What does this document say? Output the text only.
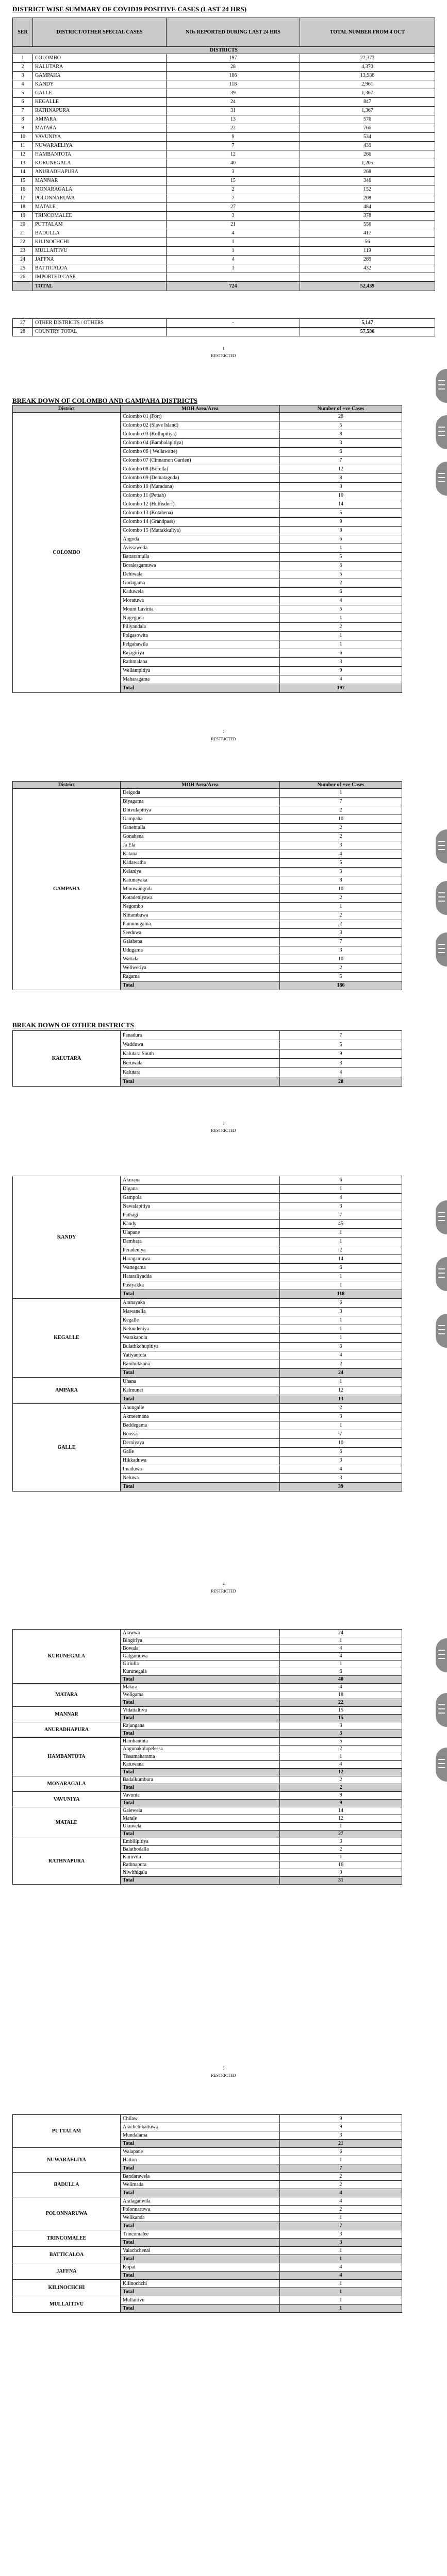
DISTRICT WISE SUMMARY OF COVID19 POSITIVE CASES (LAST 24 HRS)
SER	DISTRICT/OTHER SPECIAL CASES	NOs REPORTED DURING LAST 24 HRS	TOTAL NUMBER FROM 4 OCT
DISTRICTS			
1	COLOMBO	197	22,373
2	KALUTARA	28	4,370
3	GAMPAHA	186	13,986
4	KANDY	118	2,961
5	GALLE	39	1,367
6	KEGALLE	24	847
7	RATHNAPURA	31	1,367
8	AMPARA	13	576
9	MATARA	22	766
10	VAVUNIYA	9	534
11	NUWARAELIYA	7	439
12	HAMBANTOTA	12	266
13	KURUNEGALA	40	1,205
14	ANURADHAPURA	3	268
15	MANNAR	15	346
16	MONARAGALA	2	152
17	POLONNARUWA	7	208
18	MATALE	27	484
19	TRINCOMALEE	3	378
20	PUTTALAM	21	556
21	BADULLA	4	417
22	KILINOCHCHI	1	56
23	MULLAITIVU	1	119
24	JAFFNA	4	269
25	BATTICALOA	1	432
26	IMPORTED CASE		
	TOTAL	724	52,439
27	OTHER DISTRICTS / OTHERS	-	5,147
28	COUNTRY TOTAL		57,586
1
RESTRICTED
BREAK DOWN OF COLOMBO AND GAMPAHA DISTRICTS
District	MOH Area/Area	Number of +ve Cases
COLOMBO	Colombo 01 (Fort)	28
	Colombo 02 (Slave Island)	5
	Colombo 03 (Kollupitiya)	8
	Colombo 04 (Bambalapitiya)	3
	Colombo 06 ( Wellawatte)	6
	Colombo 07 (Cinnamon Garden)	7
	Colombo 08 (Borella)	12
	Colombo 09 (Dematagoda)	8
	Colombo 10 (Maradana)	8
	Colombo 11 (Pettah)	10
	Colombo 12 (Hulftsdorf)	14
	Colombo 13 (Kotahena)	5
	Colombo 14 (Grandpass)	9
	Colombo 15 (Mattakkuliya)	8
	Angoda	6
	Avissawella	1
	Battaramulla	5
	Boralesgamuwa	6
	Dehiwala	5
	Godagama	2
	Kaduwela	6
	Moratuwa	4
	Mount Lavinia	5
	Nugegoda	1
	Piliyandala	2
	Polgasowita	1
	Pelgahawila	1
	Rajagiriya	6
	Rathmalana	3
	Wellampitiya	9
	Maharagama	4
	Total	197
2
RESTRICTED
District	MOH Area/Area	Number of +ve Cases
GAMPAHA	Delgoda	1
	Biyagama	7
	Dhivulapitiya	2
	Gampaha	10
	Ganemulla	2
	Gonahena	2
	Ja Ela	3
	Katana	4
	Kadawatha	5
	Kelaniya	3
	Katunayaka	8
	Minuwangoda	10
	Kotadeniyawa	2
	Negombo	1
	Nittambuwa	2
	Pamunugama	2
	Seeduwa	3
	Galahena	7
	Udugama	3
	Wattala	10
	Weliweriya	2
	Ragama	5
	Total	186
BREAK DOWN OF OTHER DISTRICTS
KALUTARA	Panadura	7
	Wadduwa	5
	Kalutara South	9
	Beruwala	3
	Kalutara	4
	Total	28
3
RESTRICTED
KANDY	Akurana	6
	Digana	1
	Gampola	4
	Nawalapitiya	3
	Pathagi	7
	Kandy	45
	Ulapane	1
	Dambara	1
	Peradeniya	2
	Haragamuwa	14
	Wattegama	6
	Hataraliyadda	1
	Pusiyakka	1
	Total	118
KEGALLE	Aranayaka	6
	Mawanella	3
	Kegalle	1
	Nelundeniya	1
	Warakapola	1
	Bulathkohupitiya	6
	Yatiyantota	4
	Rambukkana	2
	Total	24
AMPARA	Uhana	1
	Kalmunei	12
	Total	13
GALLE	Ahungalle	2
	Akmeemana	3
	Baddegama	1
	Boossa	7
	Derniyaya	10
	Galle	6
	Hikkaduwa	3
	Imaduwa	4
	Neluwa	3
	Total	39
4
RESTRICTED
KURUNEGALA	Alawwa	24
	Bingiriya	1
	Bowala	4
	Galgamuwa	4
	Giriulla	1
	Kurunegala	6
	Total	40
MATARA	Matara	4
	Weligama	18
	Total	22
MANNAR	Vidattaltivu	15
	Total	15
ANURADHAPURA	Rajangana	3
	Total	3
HAMBANTOTA	Hambantota	5
	Angunakolapelessa	2
	Tissamaharama	1
	Katuwana	4
	Total	12
MONARAGALA	Badalkumbura	2
	Total	2
VAVUNIYA	Vavunia	9
	Total	9
MATALE	Galewela	14
	Matale	12
	Ukuwela	1
	Total	27
RATHNAPURA	Embilipitiya	3
	Balathodalla	2
	Kuruvita	1
	Rathnapura	16
	Niwithigala	9
	Total	31
5
RESTRICTED
PUTTALAM	Chilaw	9
	Arachchikattuwa	9
	Mundalama	3
	Total	21
NUWARAELIYA	Walapane	6
	Hatton	1
	Total	7
BADULLA	Bandarawela	2
	Welimada	2
	Total	4
POLONNARUWA	Aralaganwila	4
	Polonnaruwa	2
	Welikanda	1
	Total	7
TRINCOMALEE	Trincomalee	3
	Total	3
BATTICALOA	Valachchenai	1
	Total	1
JAFFNA	Kopai	4
	Total	4
KILINOCHCHI	Kilinochchi	1
	Total	1
MULLAITIVU	Mullaitivu	1
	Total	1
